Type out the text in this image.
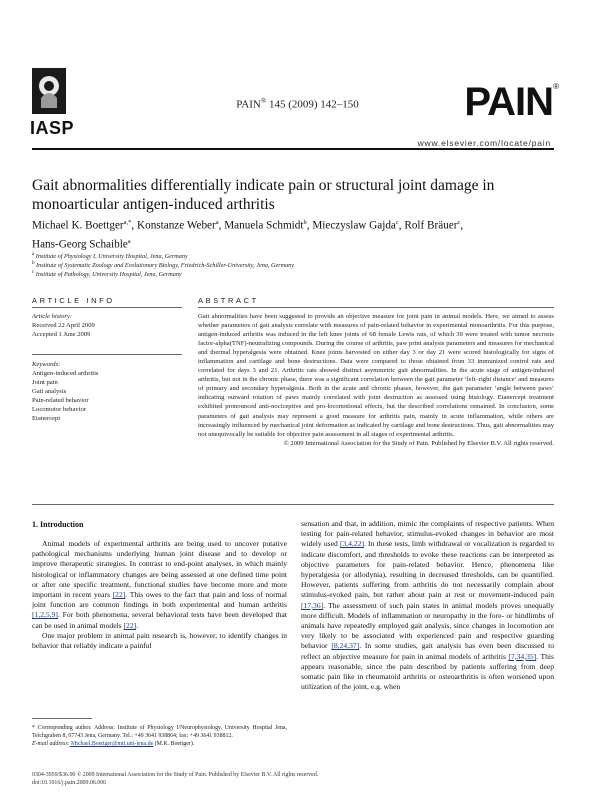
IASP
PAIN® 145 (2009) 142–150	PAIN ®
www.elsevier.com/locate/pain
Gait abnormalities differentially indicate pain or structural joint damage in monoarticular antigen-induced arthritis
Michael K. Boettger$^{a,*}$, Konstanze Weber$^a$, Manuela Schmidt$^b$, Mieczyslaw Gajda$^c$, Rolf Bräuer$^c$,
Hans-Georg Schaible$^a$
$^a$ Institute of Physiology I, University Hospital, Jena, Germany
$^b$ Institute of Systematic Zoology and Evolutionary Biology, Friedrich-Schiller-University, Jena, Germany
$^c$ Institute of Pathology, University Hospital, Jena, Germany
ARTICLE INFO	ABSTRACT
Article history:
Received 22 April 2009
Accepted 1 June 2009
Keywords:
Antigen-induced arthritis
Joint pain
Gait analysis
Pain-related behavior
Locomotor behavior
Etanercept
Gait abnormalities have been suggested to provide an objective measure for joint pain in animal models. Here, we aimed to assess whether parameters of gait analysis correlate with measures of pain-related behavior in experimental monoarthritis. For this purpose, antigen-induced arthritis was induced in the left knee joints of 68 female Lewis rats, of which 30 were treated with tumor necrosis factor-alpha(TNF)-neutralizing compounds. During the course of arthritis, paw print analysis parameters and measures for mechanical and thermal hyperalgesia were obtained. Knee joints harvested on either day 3 or day 21 were scored histologically for signs of inflammation and cartilage and bone destructions. Data were compared to those obtained from 33 immunized control rats and correlated for days 3 and 21. Arthritic rats showed distinct asymmetric gait abnormalities. In the acute stage of antigen-induced arthritis, but not in the chronic phase, there was a significant correlation between the gait parameter ‘left–right distance’ and measures of primary and secondary hyperalgesia. Both in the acute and chronic phases, however, the gait parameter ‘angle between paws’ indicating outward rotation of paws mainly correlated with joint destruction as assessed using histology. Etanercept treatment exhibited pronounced anti-nociceptive and pro-locomotional effects, but the described correlations remained. In conclusion, some parameters of gait analysis may represent a good measure for arthritis pain, mainly in acute inflammation, while others are increasingly influenced by mechanical joint deformation as indicated by cartilage and bone destructions. Thus, gait abnormalities may not unequivocally be suitable for objective pain assessment in all stages of experimental arthritis.
© 2009 International Association for the Study of Pain. Published by Elsevier B.V. All rights reserved.
1. Introduction

Animal models of experimental arthritis are being used to uncover putative pathological mechanisms underlying human joint disease and to develop or improve therapeutic strategies. In contrast to end-point analyses, in which mainly histological or inflammatory changes are being assessed at one defined time point or after one specific treatment, functional studies have become more and more important in recent years [22]. This owes to the fact that pain and loss of normal joint function are common findings in both experimental and human arthritis [1,2,5,9]. For both phenomena, several behavioral tests have been developed that can be used in animal models [22].

One major problem in animal pain research is, however, to identify changes in behavior that reliably indicate a painful

sensation and that, in addition, mimic the complaints of respective patients. When testing for pain-related behavior, stimulus-evoked changes in behavior are most widely used [3,4,22]. In these tests, limb withdrawal or vocalization is regarded to indicate discomfort, and thresholds to evoke these reactions can be interpreted as objective parameters for pain-related behavior. Hence, phenomena like hyperalgesia (or allodynia), resulting in decreased thresholds, can be quantified. However, patients suffering from arthritis do not necessarily complain about stimulus-evoked pain, but rather about pain at rest or movement-induced pain [17,36]. The assessment of such pain states in animal models proves unequally more difficult. Models of inflammation or neuropathy in the fore- or hindlimbs of animals have repeatedly employed gait analysis, since changes in locomotion are very likely to be associated with experienced pain and respective guarding behavior [8,24,37]. In some studies, gait analysis has even been discussed to reflect an objective measure for pain in animal models of arthritis [7,34,35]. This appears reasonable, since the pain described by patients suffering from deep somatic pain like in rheumatoid arthritis or osteoarthritis is often worsened upon utilization of the joint, e.g. when

* Corresponding author. Address: Institute of Physiology I/Neurophysiology, University Hospital Jena, Teichgraben 8, 07743 Jena, Germany. Tel.: +49 3641 938864; fax: +49 3641 938812.
E-mail address: Michael.Boettger@mti.uni-jena.de (M.K. Boettger).
0304-3959/$36.00 © 2009 International Association for the Study of Pain. Published by Elsevier B.V. All rights reserved.
doi:10.1016/j.pain.2009.06.006
